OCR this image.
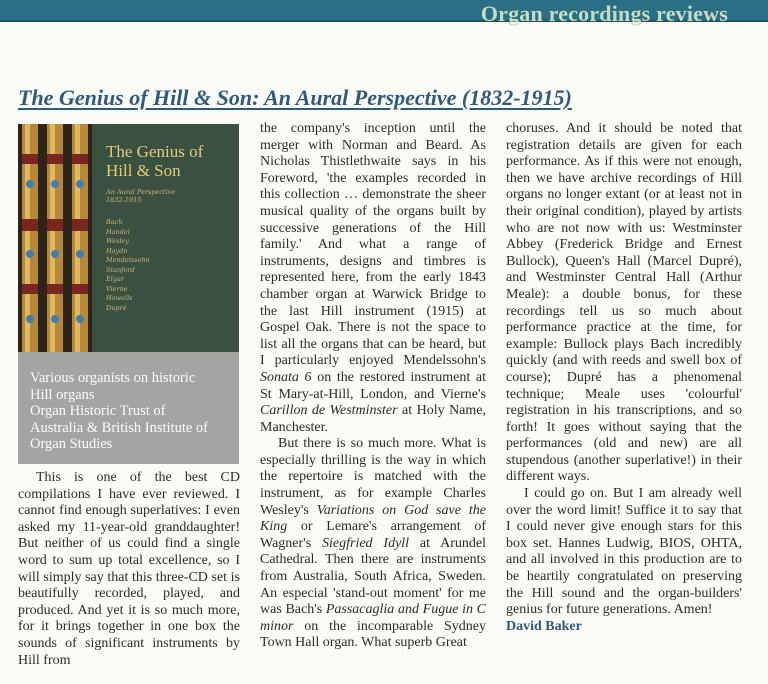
Organ recordings reviews
The Genius of Hill & Son: An Aural Perspective (1832-1915)
The Genius of
Hill & Son
An Aural Perspective
1832-1915
Bach
Handel
Wesley
Haydn
Mendelssohn
Stanford
Elgar
Vierne
Howells
Dupré
Various organists on historic
Hill organs
Organ Historic Trust of
Australia & British Institute of
Organ Studies

This is one of the best CD compilations I have ever reviewed. I cannot find enough superlatives: I even asked my 11-year-old granddaughter! But neither of us could find a single word to sum up total excellence, so I will simply say that this three-CD set is beautifully recorded, played, and produced. And yet it is so much more, for it brings together in one box the sounds of significant instruments by Hill from

the company's inception until the merger with Norman and Beard. As Nicholas Thistlethwaite says in his Foreword, 'the examples recorded in this collection … demonstrate the sheer musical quality of the organs built by successive generations of the Hill family.' And what a range of instruments, designs and timbres is represented here, from the early 1843 chamber organ at Warwick Bridge to the last Hill instrument (1915) at Gospel Oak. There is not the space to list all the organs that can be heard, but I particularly enjoyed Mendelssohn's Sonata 6 on the restored instrument at St Mary-at-Hill, London, and Vierne's Carillon de Westminster at Holy Name, Manchester.

But there is so much more. What is especially thrilling is the way in which the repertoire is matched with the instrument, as for example Charles Wesley's Variations on God save the King or Lemare's arrangement of Wagner's Siegfried Idyll at Arundel Cathedral. Then there are instruments from Australia, South Africa, Sweden. An especial 'stand-out moment' for me was Bach's Passacaglia and Fugue in C minor on the incomparable Sydney Town Hall organ. What superb Great

choruses. And it should be noted that registration details are given for each performance. As if this were not enough, then we have archive recordings of Hill organs no longer extant (or at least not in their original condition), played by artists who are not now with us: Westminster Abbey (Frederick Bridge and Ernest Bullock), Queen's Hall (Marcel Dupré), and Westminster Central Hall (Arthur Meale): a double bonus, for these recordings tell us so much about performance practice at the time, for example: Bullock plays Bach incredibly quickly (and with reeds and swell box of course); Dupré has a phenomenal technique; Meale uses 'colourful' registration in his transcriptions, and so forth! It goes without saying that the performances (old and new) are all stupendous (another superlative!) in their different ways.

I could go on. But I am already well over the word limit! Suffice it to say that I could never give enough stars for this box set. Hannes Ludwig, BIOS, OHTA, and all involved in this production are to be heartily congratulated on preserving the Hill sound and the organ-builders' genius for future generations. Amen!

David Baker
